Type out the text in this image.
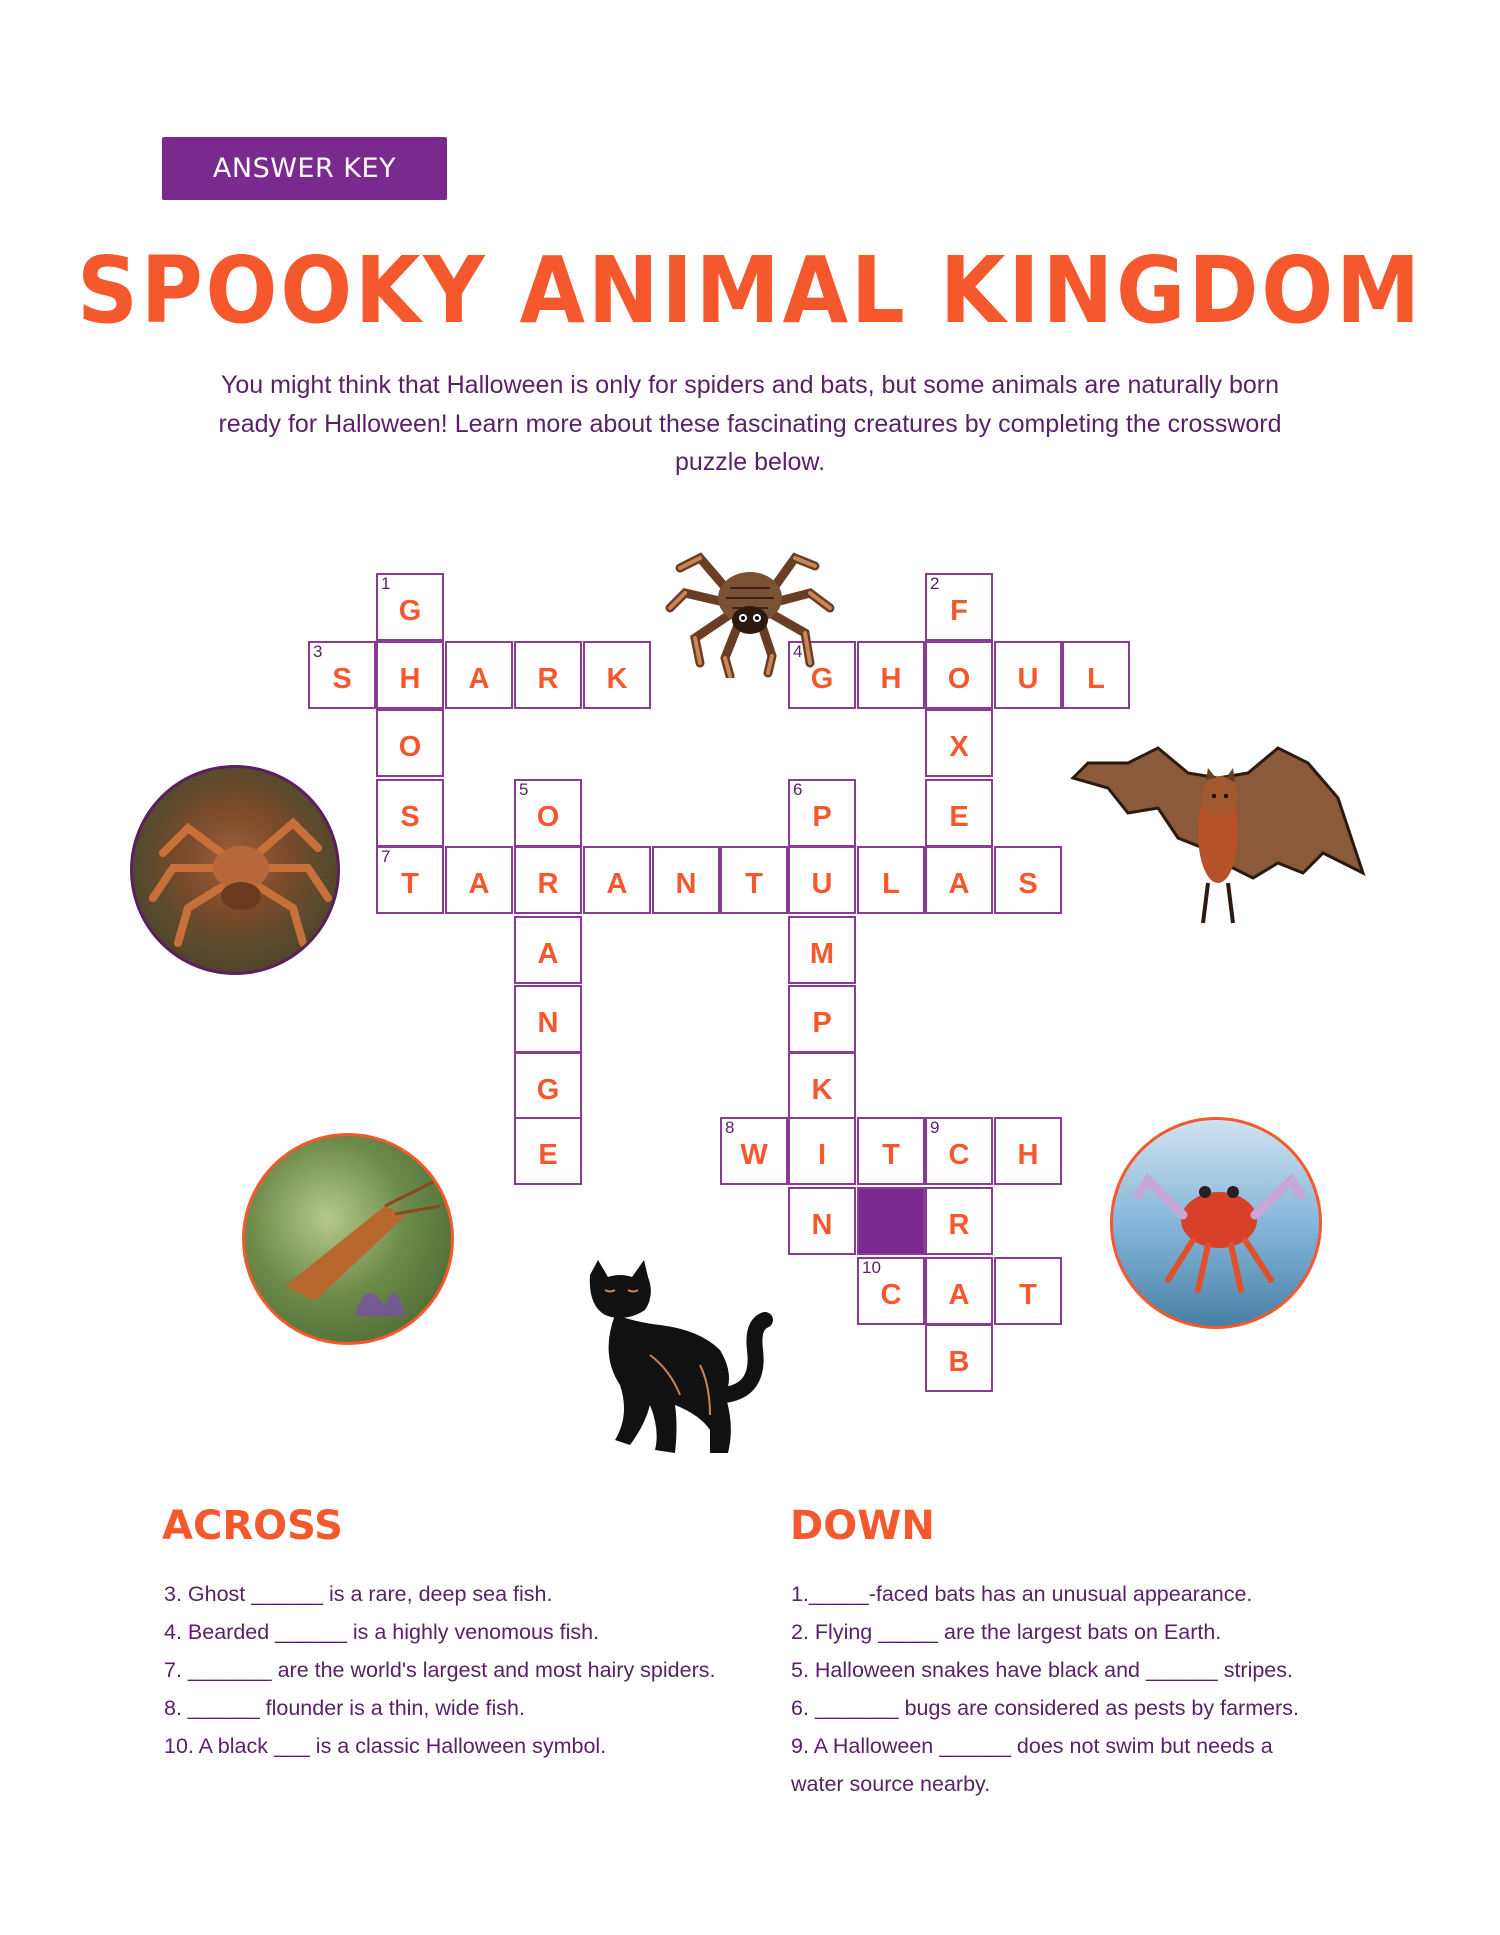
ANSWER KEY
SPOOKY ANIMAL KINGDOM
You might think that Halloween is only for spiders and bats, but some animals are naturally born ready for Halloween! Learn more about these fascinating creatures by completing the crossword puzzle below.
1
G
3
S	H	A	R	K
O
S
7
T
2
F
4
G	H	O	U	L
X
E
S
A	R	A	N	T	U	L	A
5
O
A
N
G
E
6
P
M
P
K
I
N
8
W	T
9
C	H
R
10
C	A	T
B
ACROSS
3. Ghost ______ is a rare, deep sea fish.
4. Bearded ______ is a highly venomous fish.
7. _______ are the world's largest and most hairy spiders.
8. ______ flounder is a thin, wide fish.
10. A black ___ is a classic Halloween symbol.
DOWN
1._____-faced bats has an unusual appearance.
2. Flying _____ are the largest bats on Earth.
5. Halloween snakes have black and ______ stripes.
6. _______ bugs are considered as pests by farmers.
9. A Halloween ______ does not swim but needs a
water source nearby.
